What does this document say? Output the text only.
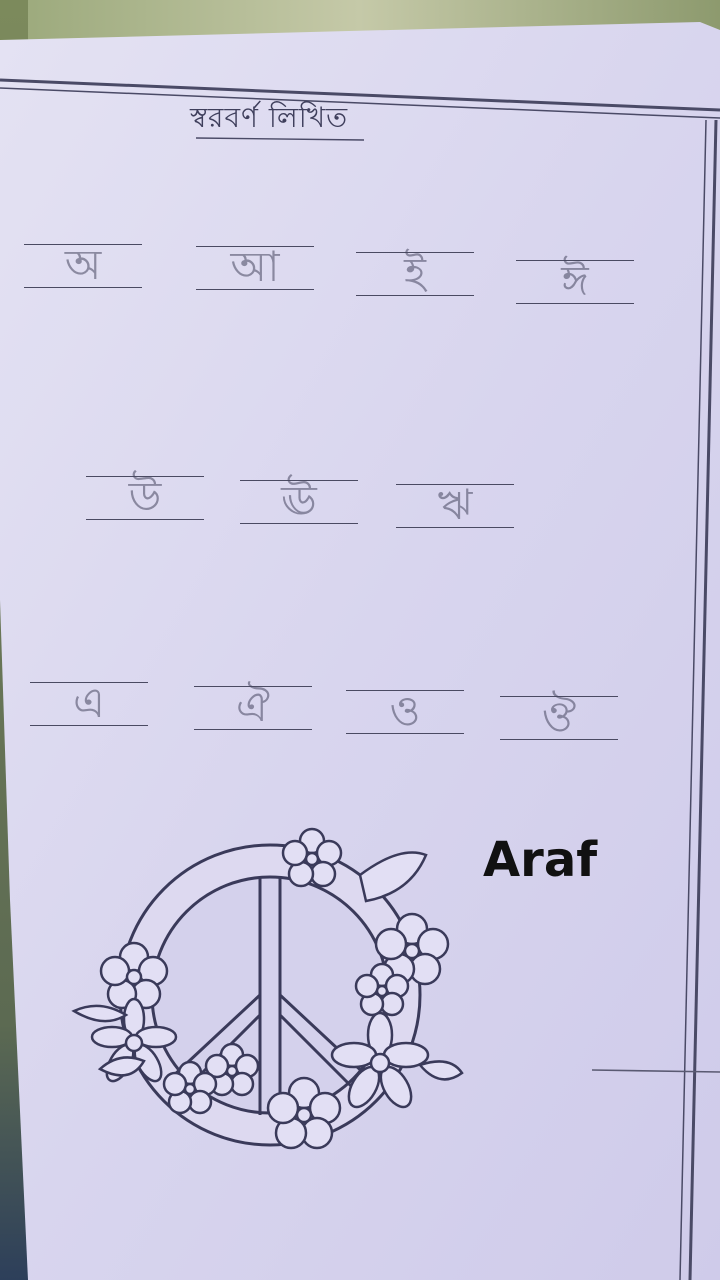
স্বরবর্ণ লিখিত
অ	আ	ই	ঈ
উ	ঊ	ঋ
এ	ঐ	ও	ঔ
Araf
